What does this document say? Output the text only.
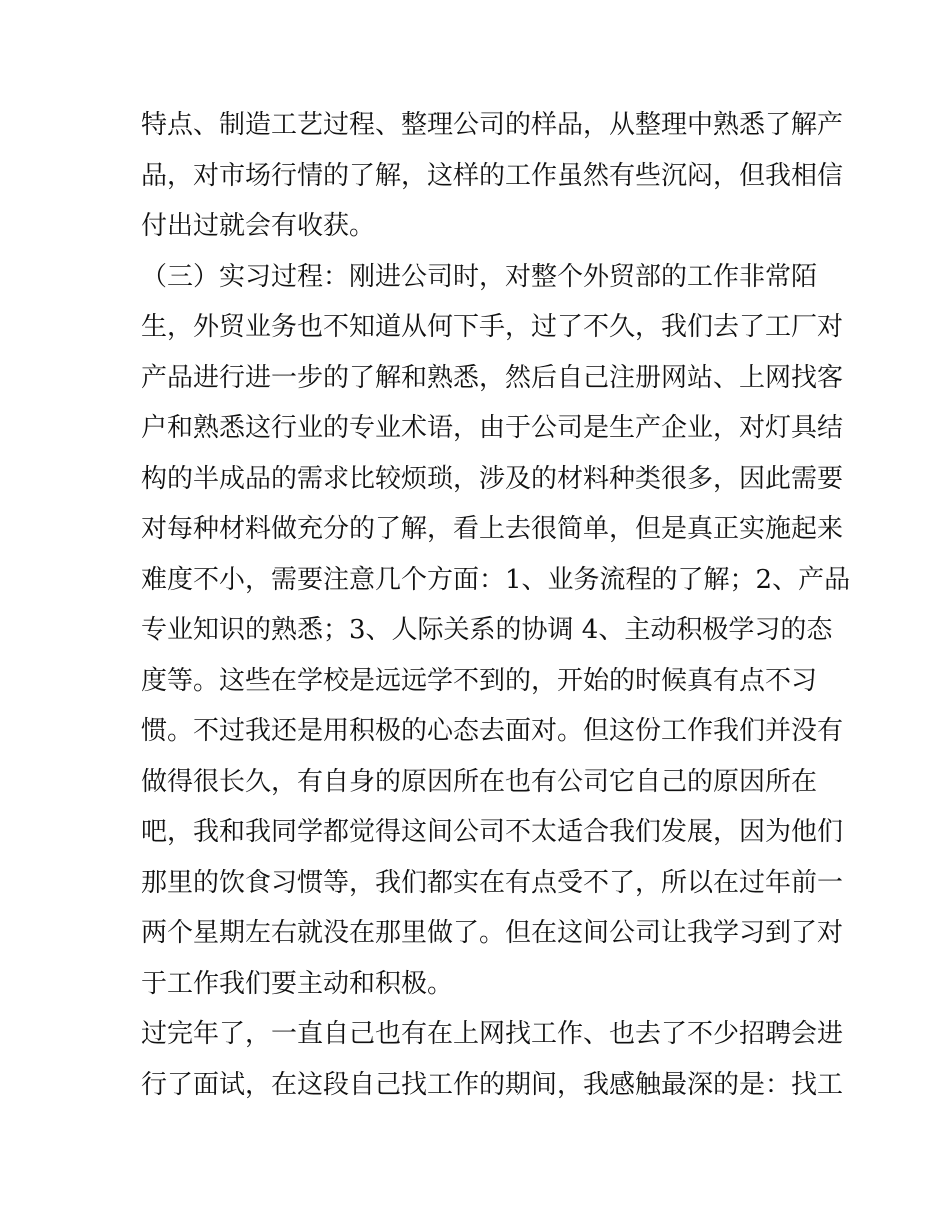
特点、制造工艺过程、整理公司的样品，从整理中熟悉了解产
品，对市场行情的了解，这样的工作虽然有些沉闷，但我相信
付出过就会有收获。
（三）实习过程：刚进公司时，对整个外贸部的工作非常陌
生，外贸业务也不知道从何下手，过了不久，我们去了工厂对
产品进行进一步的了解和熟悉，然后自己注册网站、上网找客
户和熟悉这行业的专业术语，由于公司是生产企业，对灯具结
构的半成品的需求比较烦琐，涉及的材料种类很多，因此需要
对每种材料做充分的了解，看上去很简单，但是真正实施起来
难度不小，需要注意几个方面：1、业务流程的了解；2、产品
专业知识的熟悉；3、人际关系的协调 4、主动积极学习的态
度等。这些在学校是远远学不到的，开始的时候真有点不习
惯。不过我还是用积极的心态去面对。但这份工作我们并没有
做得很长久，有自身的原因所在也有公司它自己的原因所在
吧，我和我同学都觉得这间公司不太适合我们发展，因为他们
那里的饮食习惯等，我们都实在有点受不了，所以在过年前一
两个星期左右就没在那里做了。但在这间公司让我学习到了对
于工作我们要主动和积极。
过完年了，一直自己也有在上网找工作、也去了不少招聘会进
行了面试，在这段自己找工作的期间，我感触最深的是：找工
